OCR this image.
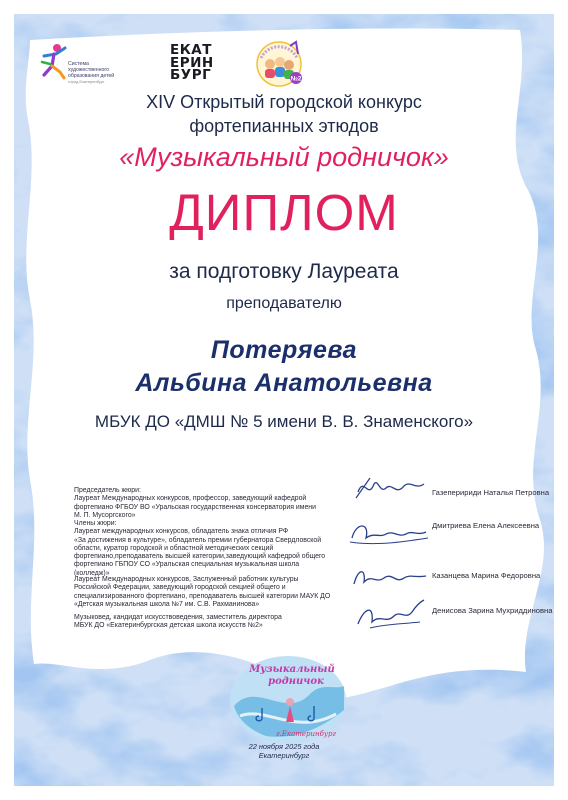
Система
художественного
образования детей
город Екатеринбург
ЕКАТ
ЕРИН
БУРГ	№2
XIV Открытый городской конкурс
фортепианных этюдов
«Музыкальный родничок»
ДИПЛОМ
за подготовку Лауреата
преподавателю
Потеряева
Альбина Анатольевна
МБУК ДО «ДМШ № 5 имени В. В. Знаменского»
Председатель жюри:
Лауреат Международных конкурсов, профессор, заведующий кафедрой
фортепиано ФГБОУ ВО «Уральская государственная консерватория имени
М. П. Мусоргского»
Члены жюри:
Лауреат международных конкурсов, обладатель знака отличия РФ
«За достижения в культуре», обладатель премии губернатора Свердловской
области, куратор городской и областной методических секций
фортепиано,преподаватель высшей категории,заведующий кафедрой общего
фортепиано ГБПОУ СО «Уральская специальная музыкальная школа
(колледж)»
Лауреат Международных конкурсов, Заслуженный работник культуры
Российской Федерации, заведующий городской секцией общего и
специализированного фортепиано, преподаватель высшей категории МАУК ДО
«Детская музыкальная школа №7 им. С.В. Рахманинова»
Музыковед, кандидат искусствоведения, заместитель директора
МБУК ДО «Екатеринбургская детская школа искусств №2»
Газеперириди Наталья Петровна
Дмитриева Елена Алексеевна
Казанцева Марина Федоровна
Денисова Зарина Мухриддиновна
Музыкальный
родничок
г.Екатеринбург
22 ноября 2025 года
Екатеринбург
